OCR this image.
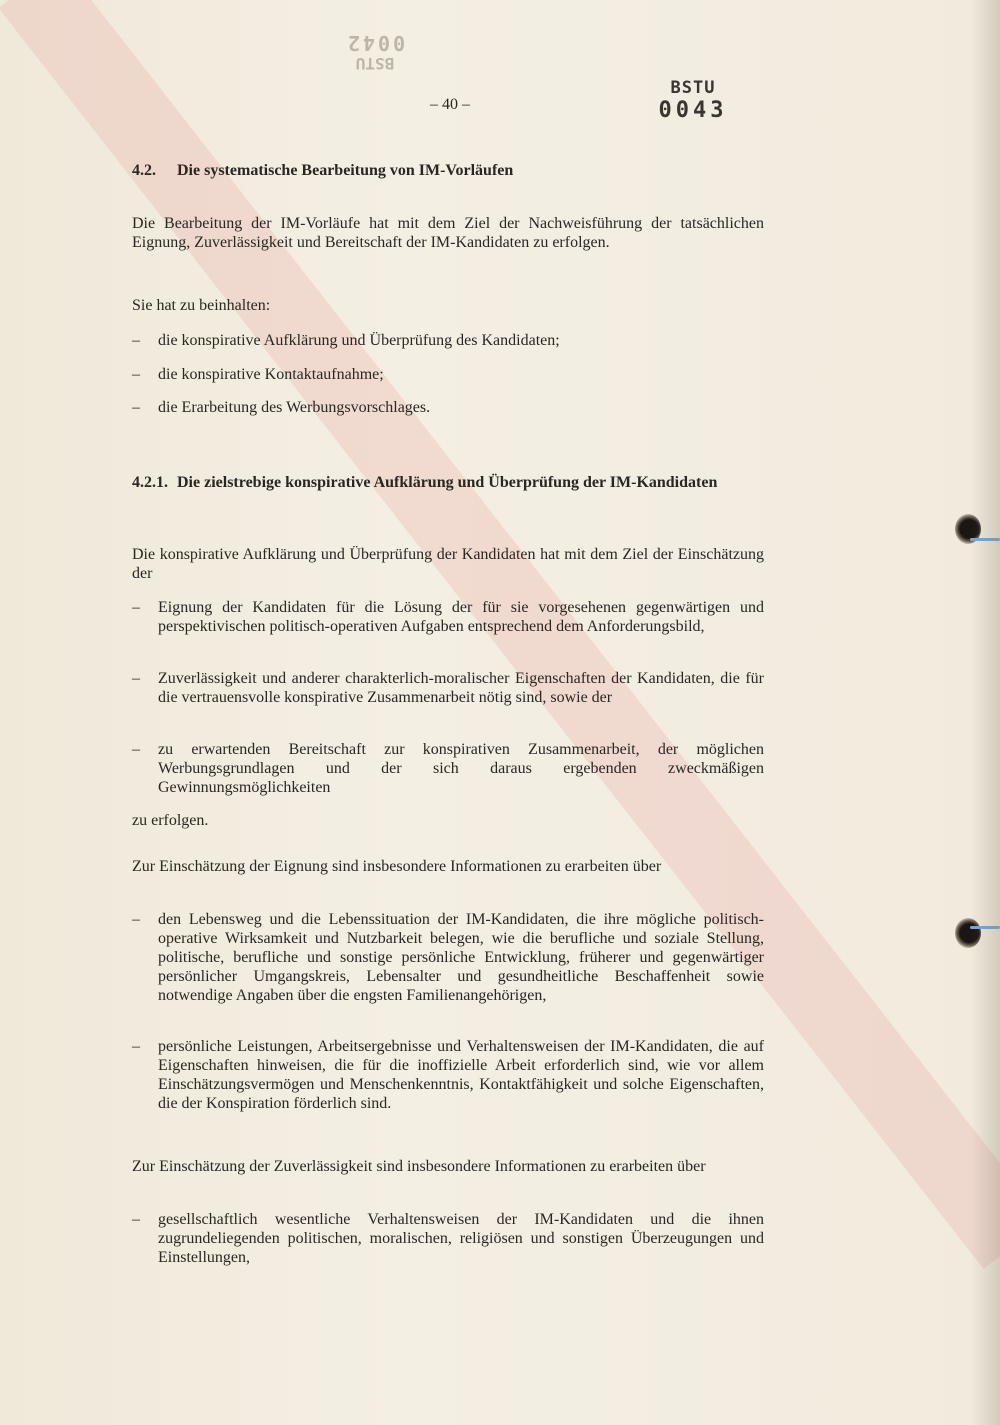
BSTU
0042
– 40 –
BSTU
0043
4.2.	Die systematische Bearbeitung von IM-Vorläufen

Die Bearbeitung der IM-Vorläufe hat mit dem Ziel der Nachweisführung der tatsächlichen Eignung, Zuverlässigkeit und Bereitschaft der IM-Kandidaten zu erfolgen.

Sie hat zu beinhalten:

–	die konspirative Aufklärung und Überprüfung des Kandidaten;
–	die konspirative Kontaktaufnahme;
–	die Erarbeitung des Werbungsvorschlages.
4.2.1. Die zielstrebige konspirative Aufklärung und Überprüfung der IM-Kandidaten

Die konspirative Aufklärung und Überprüfung der Kandidaten hat mit dem Ziel der Einschätzung der

–	Eignung der Kandidaten für die Lösung der für sie vorgesehenen gegenwärtigen und perspektivischen politisch-operativen Aufgaben entsprechend dem Anforderungsbild,
–	Zuverlässigkeit und anderer charakterlich-moralischer Eigenschaften der Kandidaten, die für die vertrauensvolle konspirative Zusammenarbeit nötig sind, sowie der
–	zu erwartenden Bereitschaft zur konspirativen Zusammenarbeit, der möglichen Werbungsgrundlagen und der sich daraus ergebenden zweckmäßigen Gewinnungsmöglichkeiten

zu erfolgen.

Zur Einschätzung der Eignung sind insbesondere Informationen zu erarbeiten über

–	den Lebensweg und die Lebenssituation der IM-Kandidaten, die ihre mögliche politisch-operative Wirksamkeit und Nutzbarkeit belegen, wie die berufliche und soziale Stellung, politische, berufliche und sonstige persönliche Entwicklung, früherer und gegenwärtiger persönlicher Umgangskreis, Lebensalter und gesundheitliche Beschaffenheit sowie notwendige Angaben über die engsten Familienangehörigen,
–	persönliche Leistungen, Arbeitsergebnisse und Verhaltensweisen der IM-Kandidaten, die auf Eigenschaften hinweisen, die für die inoffizielle Arbeit erforderlich sind, wie vor allem Einschätzungsvermögen und Menschenkenntnis, Kontaktfähigkeit und solche Eigenschaften, die der Konspiration förderlich sind.

Zur Einschätzung der Zuverlässigkeit sind insbesondere Informationen zu erarbeiten über

–	gesellschaftlich wesentliche Verhaltensweisen der IM-Kandidaten und die ihnen zugrundeliegenden politischen, moralischen, religiösen und sonstigen Überzeugungen und Einstellungen,
